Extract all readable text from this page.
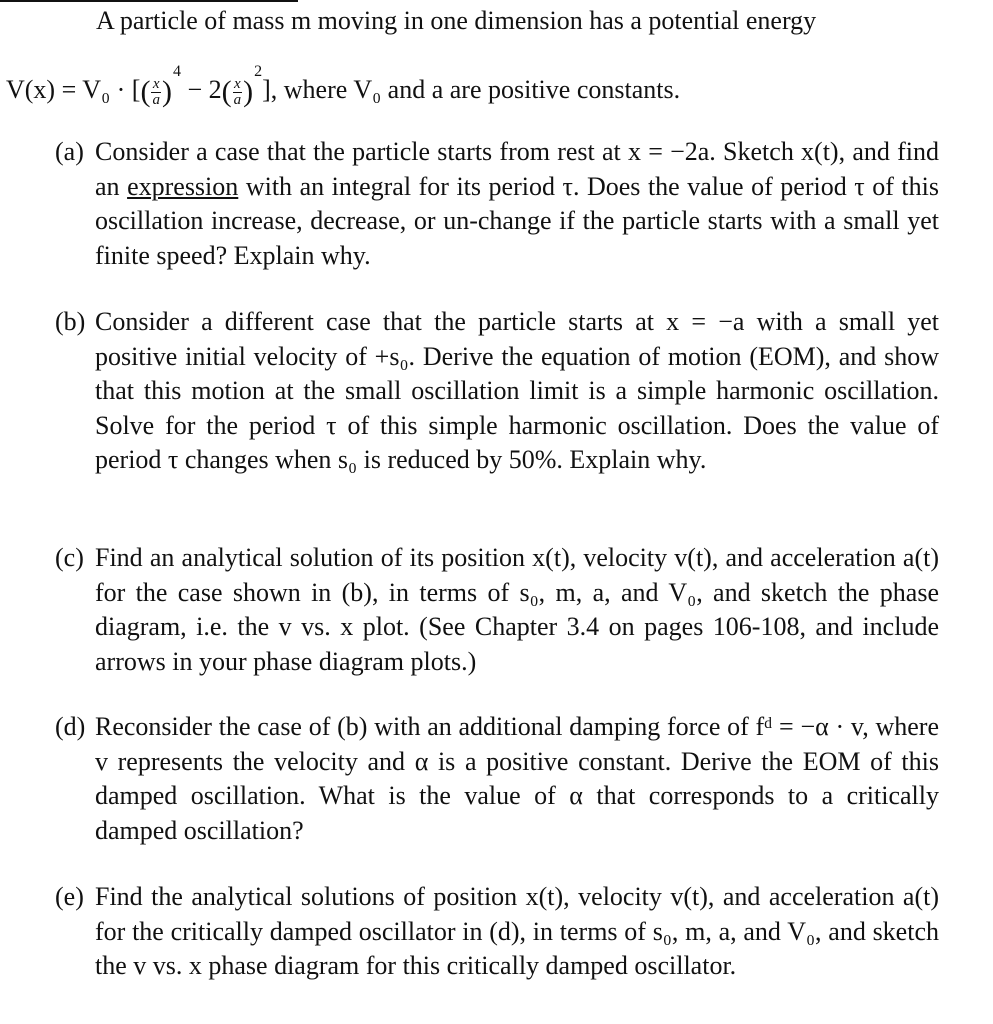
A particle of mass m moving in one dimension has a potential energy
V(x) = V₀ · [( $\frac{x}{a} )^4 - 2( \frac{x}{a} )^2$], where V₀ and a are positive constants.
(a) Consider a case that the particle starts from rest at x = −2a. Sketch x(t), and find an expression with an integral for its period τ. Does the value of period τ of this oscillation increase, decrease, or un-change if the particle starts with a small yet finite speed? Explain why.
(b) Consider a different case that the particle starts at x = −a with a small yet positive initial velocity of +s₀. Derive the equation of motion (EOM), and show that this motion at the small oscillation limit is a simple harmonic oscillation. Solve for the period τ of this simple harmonic oscillation. Does the value of period τ changes when s₀ is reduced by 50%. Explain why.
(c) Find an analytical solution of its position x(t), velocity v(t), and acceleration a(t) for the case shown in (b), in terms of s₀, m, a, and V₀, and sketch the phase diagram, i.e. the v vs. x plot. (See Chapter 3.4 on pages 106-108, and include arrows in your phase diagram plots.)
(d) Reconsider the case of (b) with an additional damping force of fᵈ = −α · v, where v represents the velocity and α is a positive constant. Derive the EOM of this damped oscillation. What is the value of α that corresponds to a critically damped oscillation?
(e) Find the analytical solutions of position x(t), velocity v(t), and acceleration a(t) for the critically damped oscillator in (d), in terms of s₀, m, a, and V₀, and sketch the v vs. x phase diagram for this critically damped oscillator.
